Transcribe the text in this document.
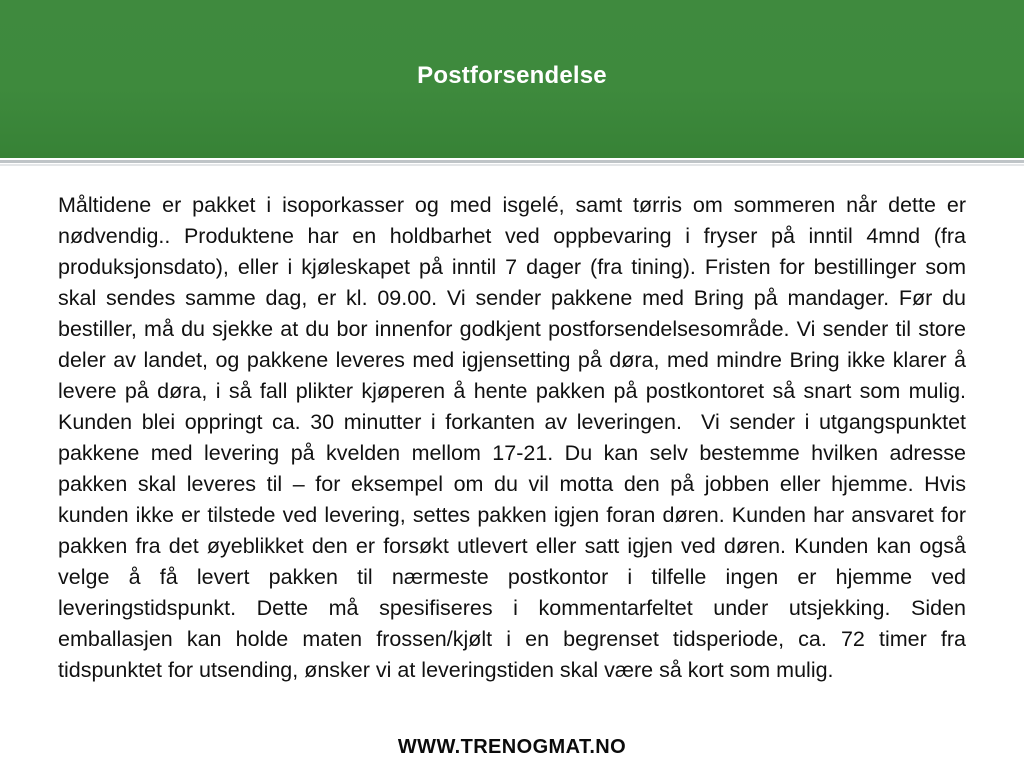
Postforsendelse

Måltidene er pakket i isoporkasser og med isgelé, samt tørris om sommeren når dette er nødvendig.. Produktene har en holdbarhet ved oppbevaring i fryser på inntil 4mnd (fra produksjonsdato), eller i kjøleskapet på inntil 7 dager (fra tining). Fristen for bestillinger som skal sendes samme dag, er kl. 09.00. Vi sender pakkene med Bring på mandager. Før du bestiller, må du sjekke at du bor innenfor godkjent postforsendelsesområde. Vi sender til store deler av landet, og pakkene leveres med igjensetting på døra, med mindre Bring ikke klarer å levere på døra, i så fall plikter kjøperen å hente pakken på postkontoret så snart som mulig. Kunden blei oppringt ca. 30 minutter i forkanten av leveringen.  Vi sender i utgangspunktet pakkene med levering på kvelden mellom 17-21. Du kan selv bestemme hvilken adresse pakken skal leveres til – for eksempel om du vil motta den på jobben eller hjemme. Hvis kunden ikke er tilstede ved levering, settes pakken igjen foran døren. Kunden har ansvaret for pakken fra det øyeblikket den er forsøkt utlevert eller satt igjen ved døren. Kunden kan også velge å få levert pakken til nærmeste postkontor i tilfelle ingen er hjemme ved leveringstidspunkt. Dette må spesifiseres i kommentarfeltet under utsjekking. Siden emballasjen kan holde maten frossen/kjølt i en begrenset tidsperiode, ca. 72 timer fra tidspunktet for utsending, ønsker vi at leveringstiden skal være så kort som mulig.

WWW.TRENOGMAT.NO
